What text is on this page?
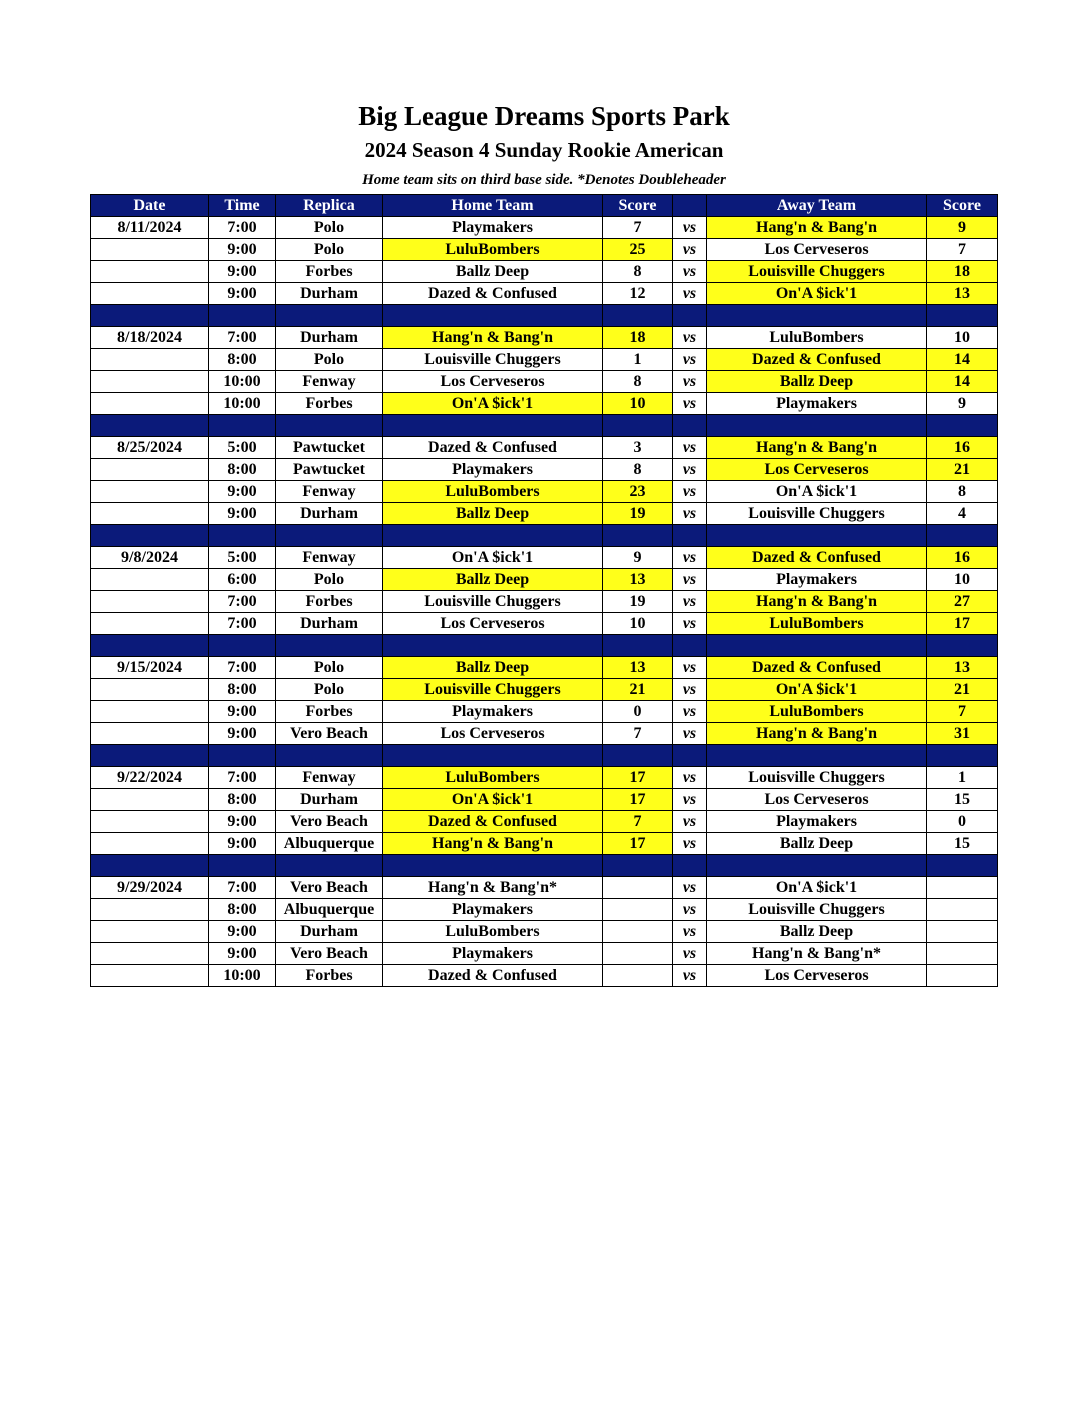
Big League Dreams Sports Park
2024 Season 4 Sunday Rookie American
Home team sits on third base side. *Denotes Doubleheader
Date	Time	Replica	Home Team	Score		Away Team	Score
8/11/2024	7:00	Polo	Playmakers	7	vs	Hang'n & Bang'n	9
	9:00	Polo	LuluBombers	25	vs	Los Cerveseros	7
	9:00	Forbes	Ballz Deep	8	vs	Louisville Chuggers	18
	9:00	Durham	Dazed & Confused	12	vs	On'A $ick'1	13

8/18/2024	7:00	Durham	Hang'n & Bang'n	18	vs	LuluBombers	10
	8:00	Polo	Louisville Chuggers	1	vs	Dazed & Confused	14
	10:00	Fenway	Los Cerveseros	8	vs	Ballz Deep	14
	10:00	Forbes	On'A $ick'1	10	vs	Playmakers	9

8/25/2024	5:00	Pawtucket	Dazed & Confused	3	vs	Hang'n & Bang'n	16
	8:00	Pawtucket	Playmakers	8	vs	Los Cerveseros	21
	9:00	Fenway	LuluBombers	23	vs	On'A $ick'1	8
	9:00	Durham	Ballz Deep	19	vs	Louisville Chuggers	4

9/8/2024	5:00	Fenway	On'A $ick'1	9	vs	Dazed & Confused	16
	6:00	Polo	Ballz Deep	13	vs	Playmakers	10
	7:00	Forbes	Louisville Chuggers	19	vs	Hang'n & Bang'n	27
	7:00	Durham	Los Cerveseros	10	vs	LuluBombers	17

9/15/2024	7:00	Polo	Ballz Deep	13	vs	Dazed & Confused	13
	8:00	Polo	Louisville Chuggers	21	vs	On'A $ick'1	21
	9:00	Forbes	Playmakers	0	vs	LuluBombers	7
	9:00	Vero Beach	Los Cerveseros	7	vs	Hang'n & Bang'n	31

9/22/2024	7:00	Fenway	LuluBombers	17	vs	Louisville Chuggers	1
	8:00	Durham	On'A $ick'1	17	vs	Los Cerveseros	15
	9:00	Vero Beach	Dazed & Confused	7	vs	Playmakers	0
	9:00	Albuquerque	Hang'n & Bang'n	17	vs	Ballz Deep	15

9/29/2024	7:00	Vero Beach	Hang'n & Bang'n*		vs	On'A $ick'1	
	8:00	Albuquerque	Playmakers		vs	Louisville Chuggers	
	9:00	Durham	LuluBombers		vs	Ballz Deep	
	9:00	Vero Beach	Playmakers		vs	Hang'n & Bang'n*	
	10:00	Forbes	Dazed & Confused		vs	Los Cerveseros	
